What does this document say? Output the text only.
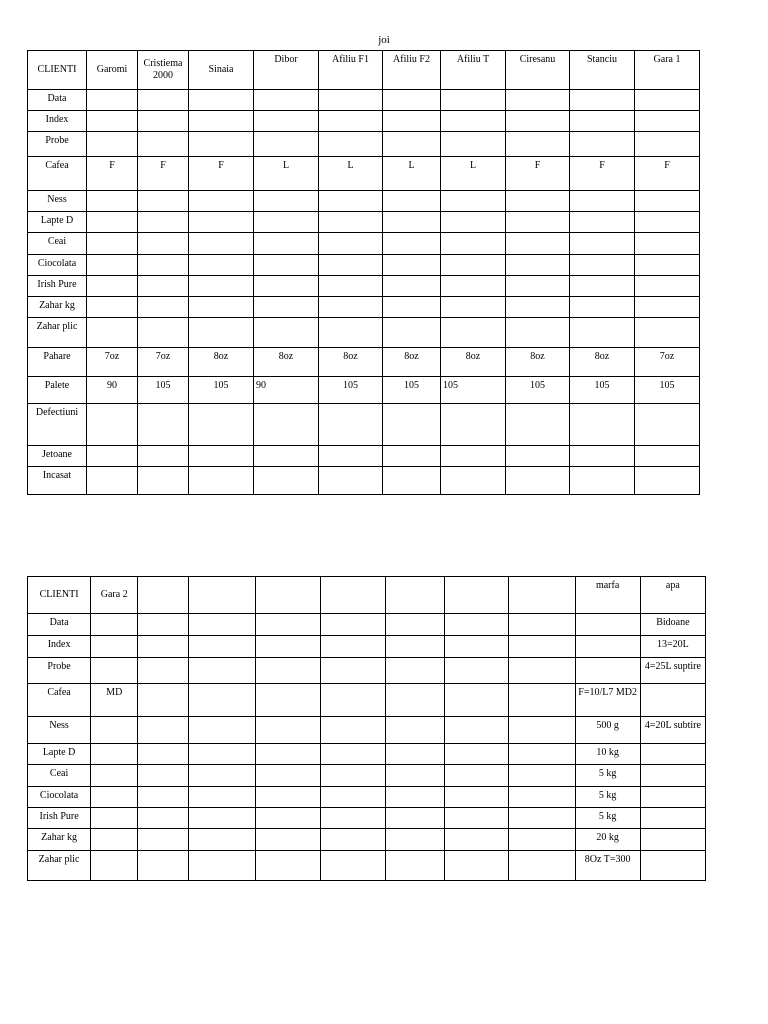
joi
CLIENTI	Garomi	Cristiema 2000	Sinaia	Dibor	Afiliu F1	Afiliu F2	Afiliu T	Ciresanu	Stanciu	Gara 1
Data										
Index										
Probe										
Cafea	F	F	F	L	L	L	L	F	F	F
Ness										
Lapte D										
Ceai										
Ciocolata										
Irish Pure										
Zahar kg										
Zahar plic										
Pahare	7oz	7oz	8oz	8oz	8oz	8oz	8oz	8oz	8oz	7oz
Palete	90	105	105	90	105	105	105	105	105	105
Defectiuni										
Jetoane										
Incasat										
CLIENTI	Gara 2								marfa	apa
Data										Bidoane
Index										13=20L
Probe										4=25L suptire
Cafea	MD								F=10/L7 MD2	
Ness									500 g	4=20L subtire
Lapte D									10 kg	
Ceai									5 kg	
Ciocolata									5 kg	
Irish Pure									5 kg	
Zahar kg									20 kg	
Zahar plic									8Oz T=300	
